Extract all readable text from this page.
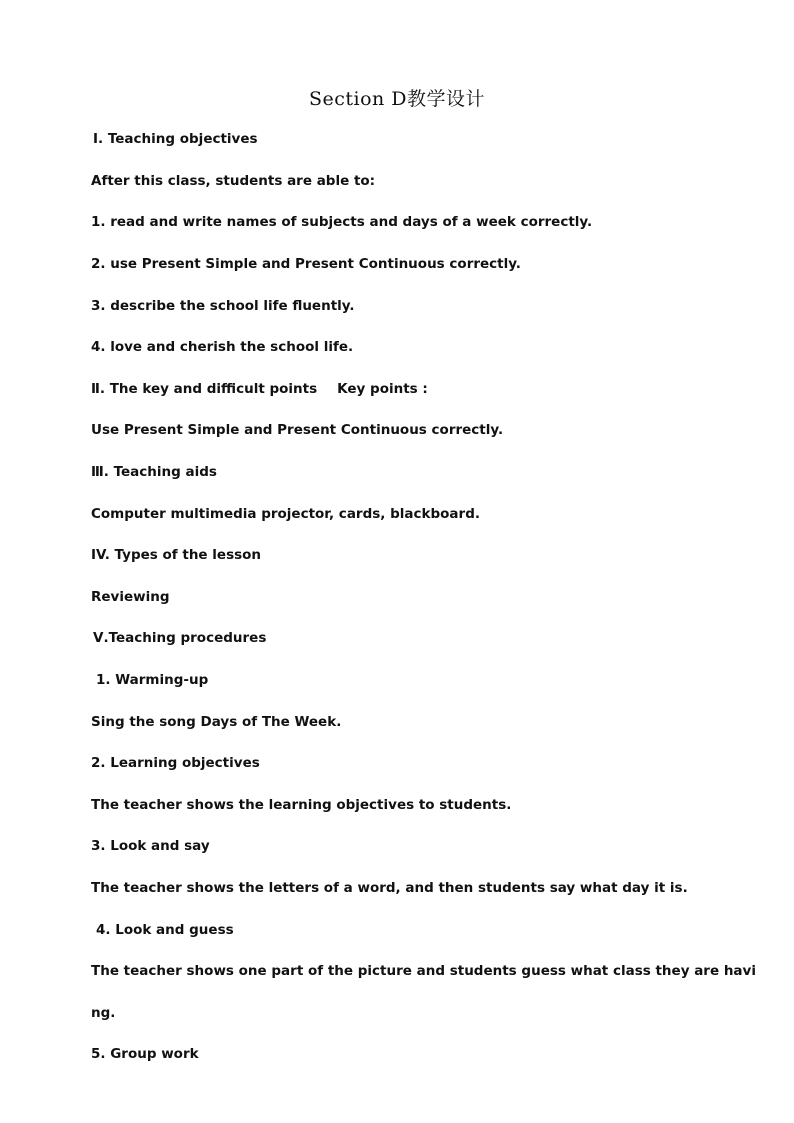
Section D教学设计
Ⅰ. Teaching objectives
After this class, students are able to:
1. read and write names of subjects and days of a week correctly.
2. use Present Simple and Present Continuous correctly.
3. describe the school life fluently.
4. love and cherish the school life.
Ⅱ. The key and difficult points Key points :
Use Present Simple and Present Continuous correctly.
Ⅲ. Teaching aids
Computer multimedia projector, cards, blackboard.
IV. Types of the lesson
Reviewing
Ⅴ.Teaching procedures
1. Warming-up
Sing the song Days of The Week.
2. Learning objectives
The teacher shows the learning objectives to students.
3. Look and say
The teacher shows the letters of a word, and then students say what day it is.
4. Look and guess
The teacher shows one part of the picture and students guess what class they are havi
ng.
5. Group work
